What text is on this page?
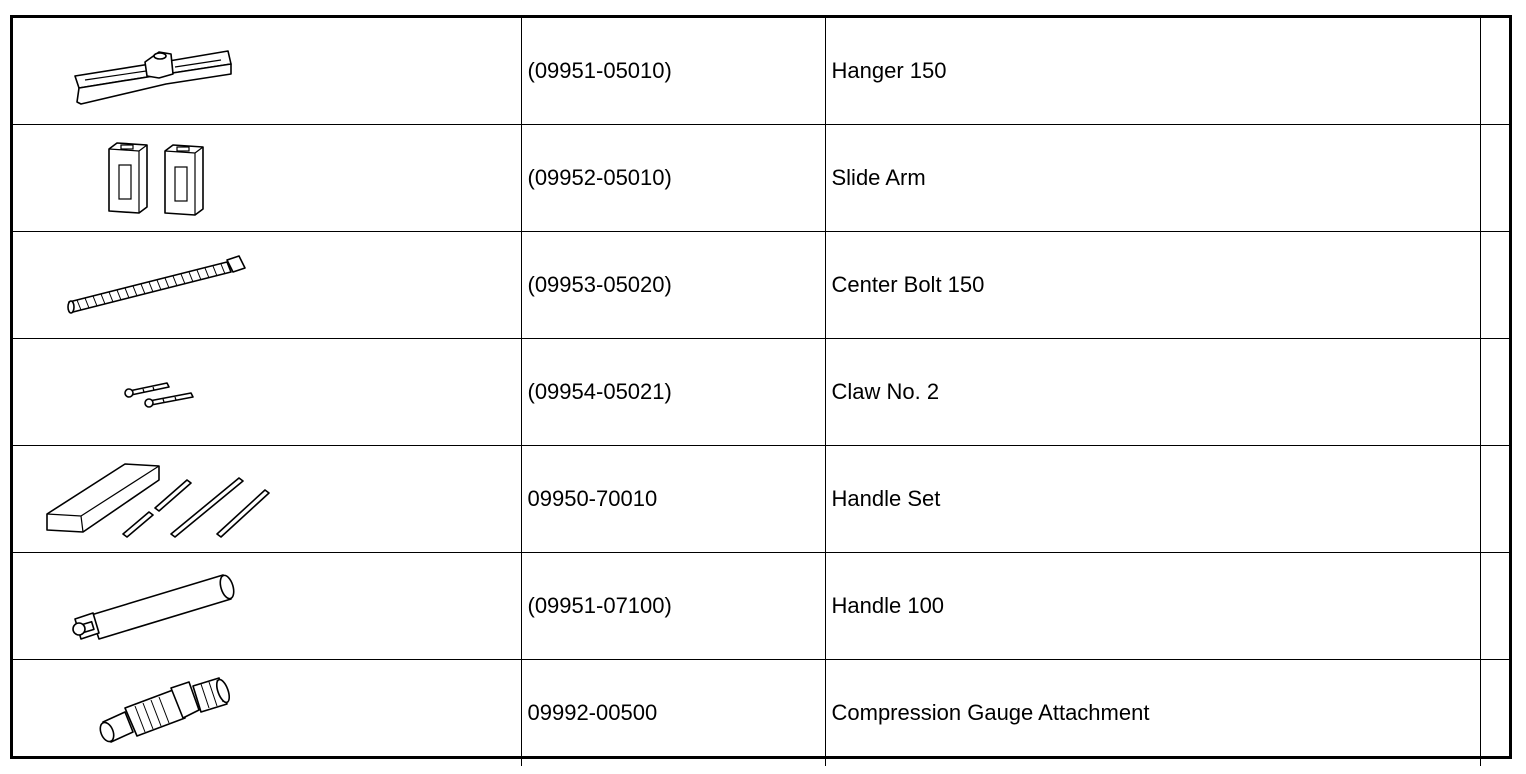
	(09951-05010)	Hanger 150	

	(09952-05010)	Slide Arm	

	(09953-05020)	Center Bolt 150	

	(09954-05021)	Claw No. 2	

	09950-70010	Handle Set	

	(09951-07100)	Handle 100	

	09992-00500	Compression Gauge Attachment	
